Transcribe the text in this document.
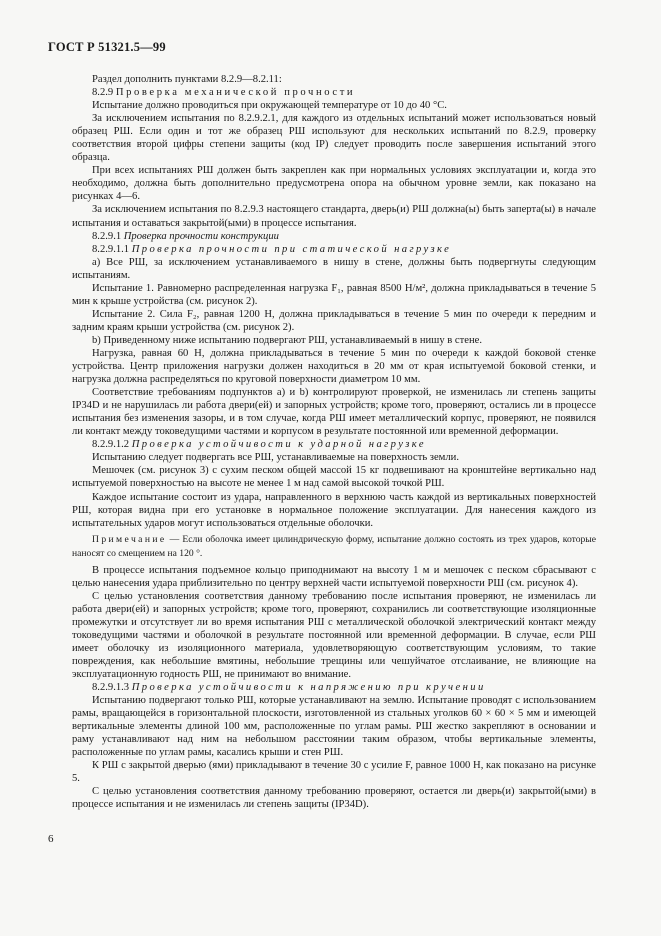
ГОСТ Р 51321.5—99

Раздел дополнить пунктами 8.2.9—8.2.11:

8.2.9 Проверка механической прочности

Испытание должно проводиться при окружающей температуре от 10 до 40 °С.

За исключением испытания по 8.2.9.2.1, для каждого из отдельных испытаний может использоваться новый образец РШ. Если один и тот же образец РШ используют для нескольких испытаний по 8.2.9, проверку соответствия второй цифры степени защиты (код IP) следует проводить после завершения испытаний этого образца.

При всех испытаниях РШ должен быть закреплен как при нормальных условиях эксплуатации и, когда это необходимо, должна быть дополнительно предусмотрена опора на обычном уровне земли, как показано на рисунках 4—6.

За исключением испытания по 8.2.9.3 настоящего стандарта, дверь(и) РШ должна(ы) быть заперта(ы) в начале испытания и оставаться закрытой(ыми) в процессе испытания.

8.2.9.1 Проверка прочности конструкции

8.2.9.1.1 Проверка прочности при статической нагрузке

а) Все РШ, за исключением устанавливаемого в нишу в стене, должны быть подвергнуты следующим испытаниям.

Испытание 1. Равномерно распределенная нагрузка F₁, равная 8500 Н/м², должна прикладываться в течение 5 мин к крыше устройства (см. рисунок 2).

Испытание 2. Сила F₂, равная 1200 Н, должна прикладываться в течение 5 мин по очереди к передним и задним краям крыши устройства (см. рисунок 2).

b) Приведенному ниже испытанию подвергают РШ, устанавливаемый в нишу в стене.

Нагрузка, равная 60 Н, должна прикладываться в течение 5 мин по очереди к каждой боковой стенке устройства. Центр приложения нагрузки должен находиться в 20 мм от края испытуемой боковой стенки, и нагрузка должна распределяться по круговой поверхности диаметром 10 мм.

Соответствие требованиям подпунктов а) и b) контролируют проверкой, не изменилась ли степень защиты IP34D и не нарушилась ли работа двери(ей) и запорных устройств; кроме того, проверяют, остались ли в процессе испытания без изменения зазоры, и в том случае, когда РШ имеет металлический корпус, проверяют, не появился ли контакт между токоведущими частями и корпусом в результате постоянной или временной деформации.

8.2.9.1.2 Проверка устойчивости к ударной нагрузке

Испытанию следует подвергать все РШ, устанавливаемые на поверхность земли.

Мешочек (см. рисунок 3) с сухим песком общей массой 15 кг подвешивают на кронштейне вертикально над испытуемой поверхностью на высоте не менее 1 м над самой высокой точкой РШ.

Каждое испытание состоит из удара, направленного в верхнюю часть каждой из вертикальных поверхностей РШ, которая видна при его установке в нормальное положение эксплуатации. Для нанесения каждого из испытательных ударов могут использоваться отдельные оболочки.

Примечание — Если оболочка имеет цилиндрическую форму, испытание должно состоять из трех ударов, которые наносят со смещением на 120 °.

В процессе испытания подъемное кольцо приподнимают на высоту 1 м и мешочек с песком сбрасывают с целью нанесения удара приблизительно по центру верхней части испытуемой поверхности РШ (см. рисунок 4).

С целью установления соответствия данному требованию после испытания проверяют, не изменилась ли работа двери(ей) и запорных устройств; кроме того, проверяют, сохранились ли соответствующие изоляционные промежутки и отсутствует ли во время испытания РШ с металлической оболочкой электрический контакт между токоведущими частями и оболочкой в результате постоянной или временной деформации. В случае, если РШ имеет оболочку из изоляционного материала, удовлетворяющую соответствующим условиям, то такие повреждения, как небольшие вмятины, небольшие трещины или чешуйчатое отслаивание, не влияющие на эксплуатационную годность РШ, не принимают во внимание.

8.2.9.1.3 Проверка устойчивости к напряжению при кручении

Испытанию подвергают только РШ, которые устанавливают на землю. Испытание проводят с использованием рамы, вращающейся в горизонтальной плоскости, изготовленной из стальных уголков 60 × 60 × 5 мм и имеющей вертикальные элементы длиной 100 мм, расположенные по углам рамы. РШ жестко закрепляют в основании и раму устанавливают над ним на небольшом расстоянии таким образом, чтобы вертикальные элементы, расположенные по углам рамы, касались крыши и стен РШ.

К РШ с закрытой дверью (ями) прикладывают в течение 30 с усилие F, равное 1000 Н, как показано на рисунке 5.

С целью установления соответствия данному требованию проверяют, остается ли дверь(и) закрытой(ыми) в процессе испытания и не изменилась ли степень защиты (IP34D).

6
